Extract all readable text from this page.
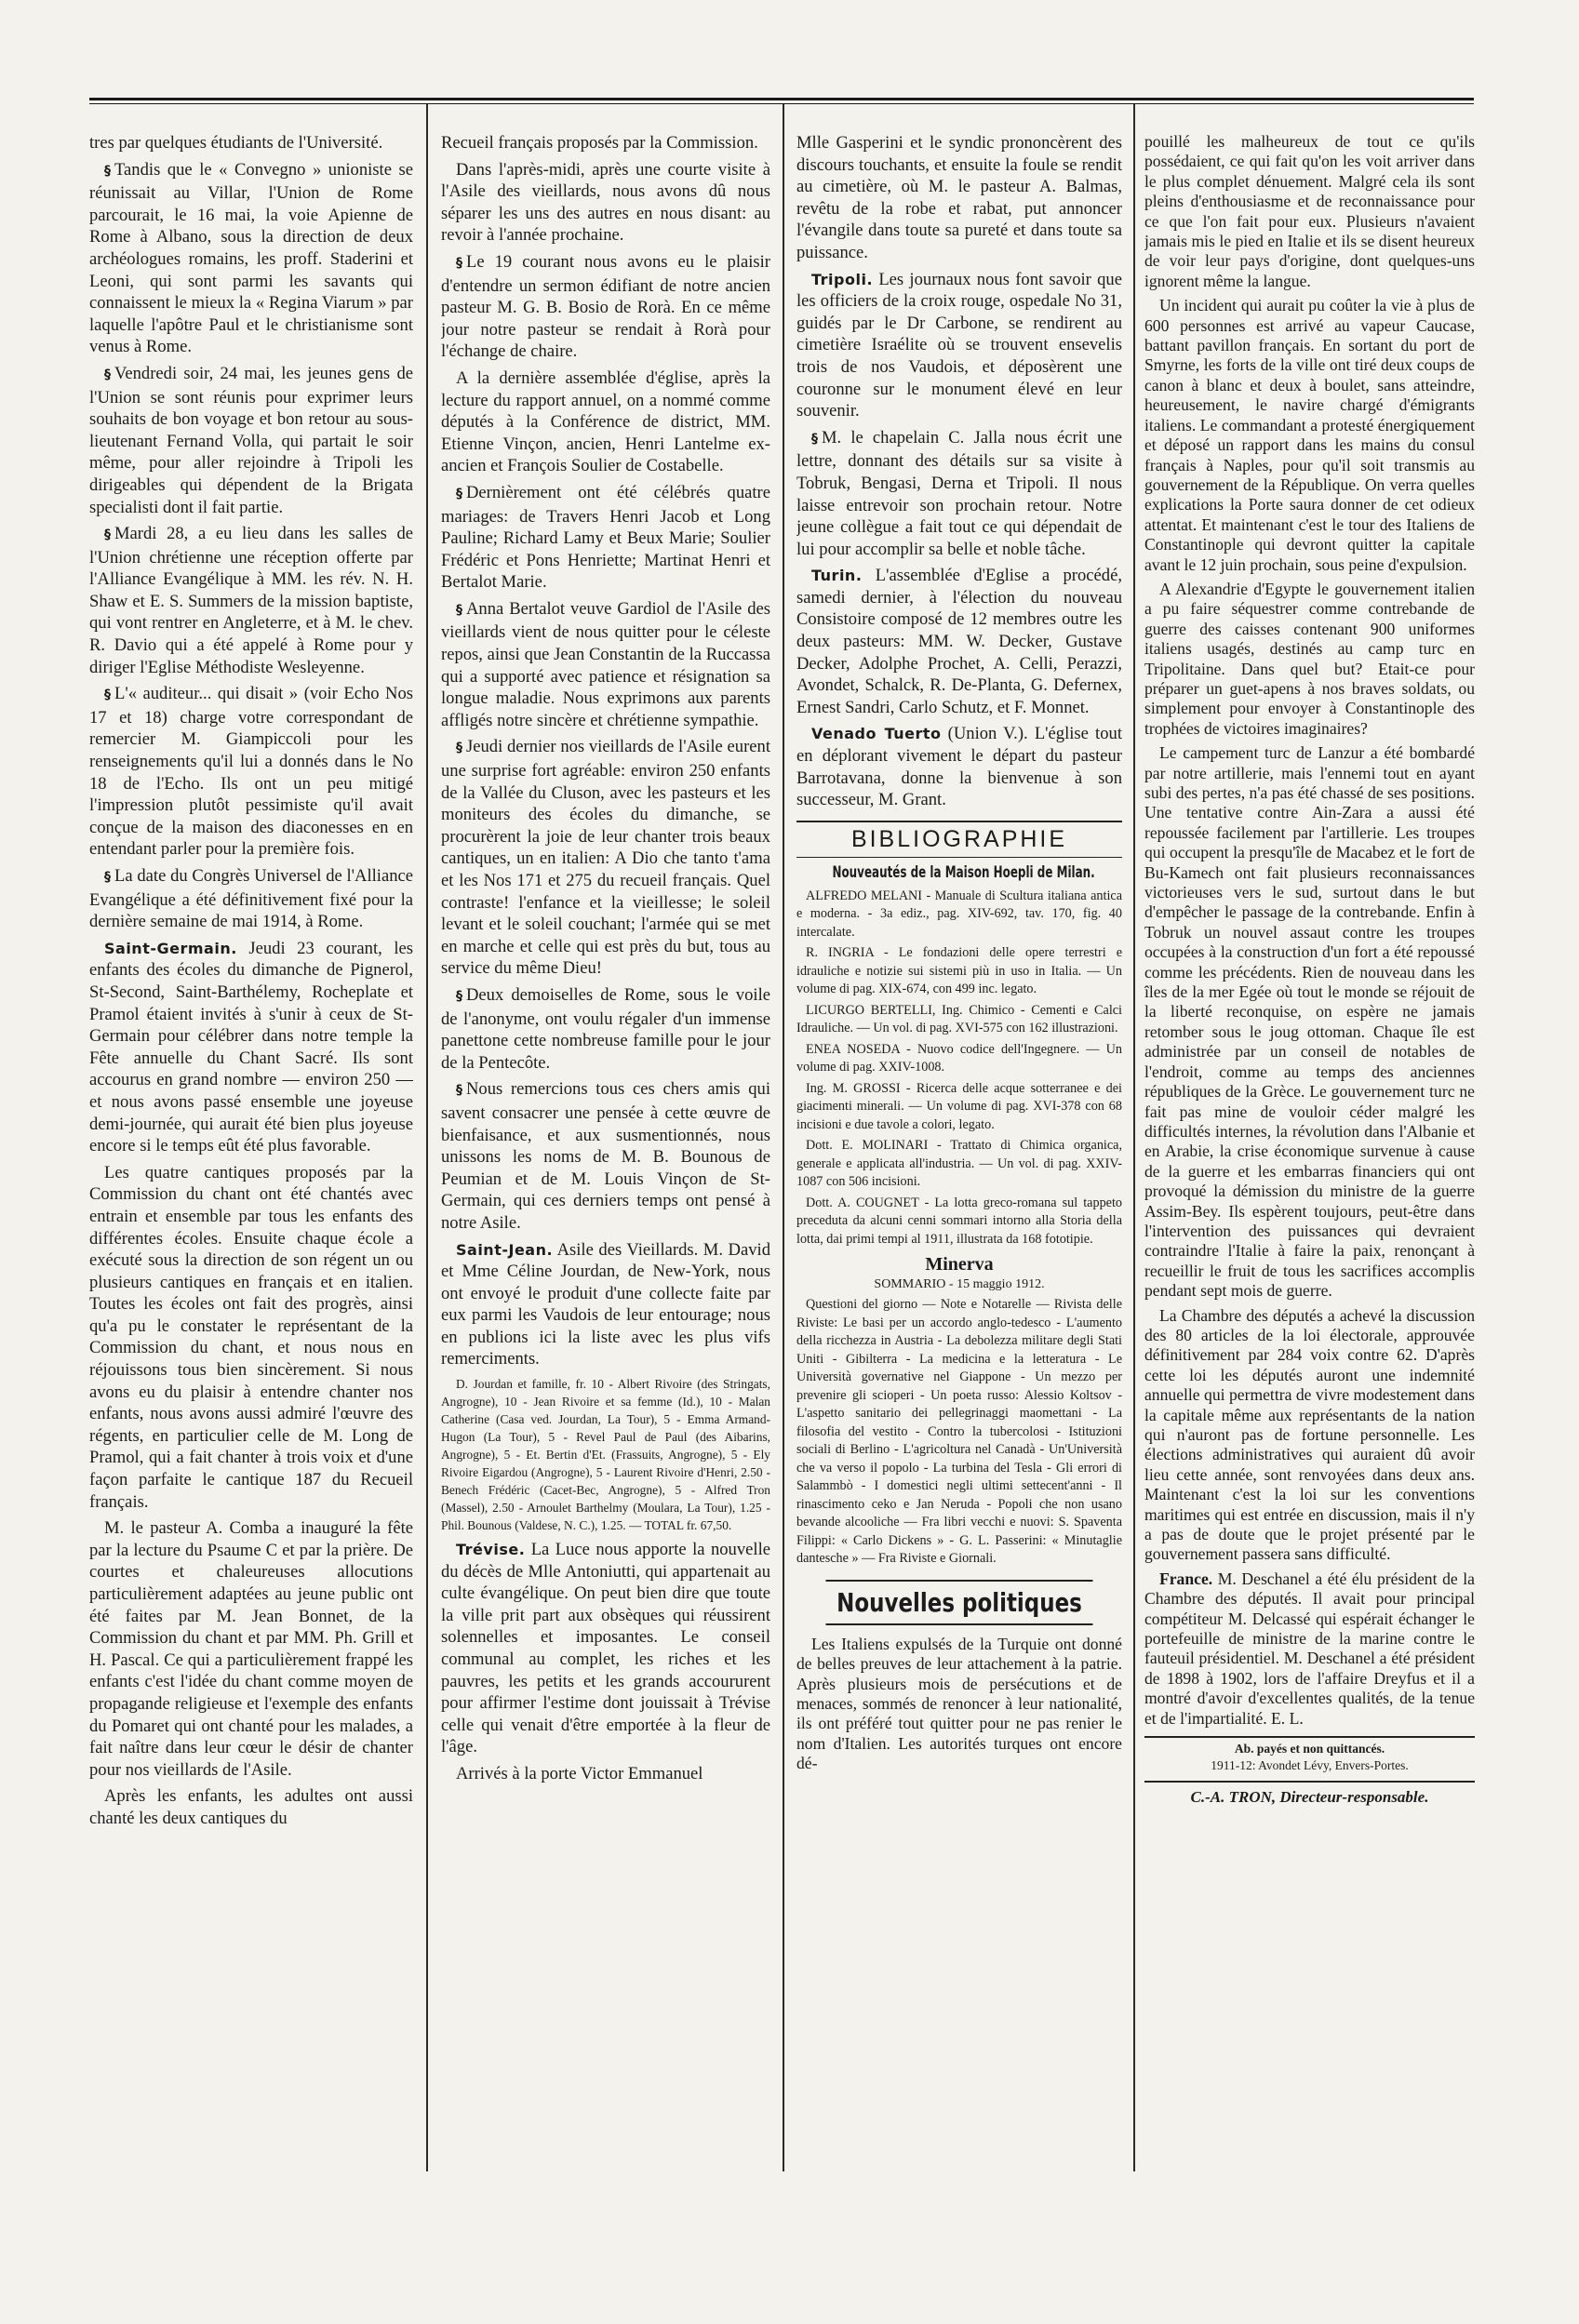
tres par quelques étudiants de l'Université.

§ Tandis que le « Convegno » unioniste se réunissait au Villar, l'Union de Rome parcourait, le 16 mai, la voie Apienne de Rome à Albano, sous la direction de deux archéologues romains, les proff. Staderini et Leoni, qui sont parmi les savants qui connaissent le mieux la « Regina Viarum » par laquelle l'apôtre Paul et le christianisme sont venus à Rome.

§ Vendredi soir, 24 mai, les jeunes gens de l'Union se sont réunis pour exprimer leurs souhaits de bon voyage et bon retour au sous-lieutenant Fernand Volla, qui partait le soir même, pour aller rejoindre à Tripoli les dirigeables qui dépendent de la Brigata specialisti dont il fait partie.

§ Mardi 28, a eu lieu dans les salles de l'Union chrétienne une réception offerte par l'Alliance Evangélique à MM. les rév. N. H. Shaw et E. S. Summers de la mission baptiste, qui vont rentrer en Angleterre, et à M. le chev. R. Davio qui a été appelé à Rome pour y diriger l'Eglise Méthodiste Wesleyenne.

§ L'« auditeur... qui disait » (voir Echo Nos 17 et 18) charge votre correspondant de remercier M. Giampiccoli pour les renseignements qu'il lui a donnés dans le No 18 de l'Echo. Ils ont un peu mitigé l'impression plutôt pessimiste qu'il avait conçue de la maison des diaconesses en en entendant parler pour la première fois.

§ La date du Congrès Universel de l'Alliance Evangélique a été définitivement fixé pour la dernière semaine de mai 1914, à Rome.

Saint-Germain. Jeudi 23 courant, les enfants des écoles du dimanche de Pignerol, St-Second, Saint-Barthélemy, Rocheplate et Pramol étaient invités à s'unir à ceux de St-Germain pour célébrer dans notre temple la Fête annuelle du Chant Sacré. Ils sont accourus en grand nombre — environ 250 — et nous avons passé ensemble une joyeuse demi-journée, qui aurait été bien plus joyeuse encore si le temps eût été plus favorable.

Les quatre cantiques proposés par la Commission du chant ont été chantés avec entrain et ensemble par tous les enfants des différentes écoles. Ensuite chaque école a exécuté sous la direction de son régent un ou plusieurs cantiques en français et en italien. Toutes les écoles ont fait des progrès, ainsi qu'a pu le constater le représentant de la Commission du chant, et nous nous en réjouissons tous bien sincèrement. Si nous avons eu du plaisir à entendre chanter nos enfants, nous avons aussi admiré l'œuvre des régents, en particulier celle de M. Long de Pramol, qui a fait chanter à trois voix et d'une façon parfaite le cantique 187 du Recueil français.

M. le pasteur A. Comba a inauguré la fête par la lecture du Psaume C et par la prière. De courtes et chaleureuses allocutions particulièrement adaptées au jeune public ont été faites par M. Jean Bonnet, de la Commission du chant et par MM. Ph. Grill et H. Pascal. Ce qui a particulièrement frappé les enfants c'est l'idée du chant comme moyen de propagande religieuse et l'exemple des enfants du Pomaret qui ont chanté pour les malades, a fait naître dans leur cœur le désir de chanter pour nos vieillards de l'Asile.

Après les enfants, les adultes ont aussi chanté les deux cantiques du

Recueil français proposés par la Commission.

Dans l'après-midi, après une courte visite à l'Asile des vieillards, nous avons dû nous séparer les uns des autres en nous disant: au revoir à l'année prochaine.

§ Le 19 courant nous avons eu le plaisir d'entendre un sermon édifiant de notre ancien pasteur M. G. B. Bosio de Rorà. En ce même jour notre pasteur se rendait à Rorà pour l'échange de chaire.

A la dernière assemblée d'église, après la lecture du rapport annuel, on a nommé comme députés à la Conférence de district, MM. Etienne Vinçon, ancien, Henri Lantelme ex-ancien et François Soulier de Costabelle.

§ Dernièrement ont été célébrés quatre mariages: de Travers Henri Jacob et Long Pauline; Richard Lamy et Beux Marie; Soulier Frédéric et Pons Henriette; Martinat Henri et Bertalot Marie.

§ Anna Bertalot veuve Gardiol de l'Asile des vieillards vient de nous quitter pour le céleste repos, ainsi que Jean Constantin de la Ruccassa qui a supporté avec patience et résignation sa longue maladie. Nous exprimons aux parents affligés notre sincère et chrétienne sympathie.

§ Jeudi dernier nos vieillards de l'Asile eurent une surprise fort agréable: environ 250 enfants de la Vallée du Cluson, avec les pasteurs et les moniteurs des écoles du dimanche, se procurèrent la joie de leur chanter trois beaux cantiques, un en italien: A Dio che tanto t'ama et les Nos 171 et 275 du recueil français. Quel contraste! l'enfance et la vieillesse; le soleil levant et le soleil couchant; l'armée qui se met en marche et celle qui est près du but, tous au service du même Dieu!

§ Deux demoiselles de Rome, sous le voile de l'anonyme, ont voulu régaler d'un immense panettone cette nombreuse famille pour le jour de la Pentecôte.

§ Nous remercions tous ces chers amis qui savent consacrer une pensée à cette œuvre de bienfaisance, et aux susmentionnés, nous unissons les noms de M. B. Bounous de Peumian et de M. Louis Vinçon de St-Germain, qui ces derniers temps ont pensé à notre Asile.

Saint-Jean. Asile des Vieillards. M. David et Mme Céline Jourdan, de New-York, nous ont envoyé le produit d'une collecte faite par eux parmi les Vaudois de leur entourage; nous en publions ici la liste avec les plus vifs remerciments.

D. Jourdan et famille, fr. 10 - Albert Rivoire (des Stringats, Angrogne), 10 - Jean Rivoire et sa femme (Id.), 10 - Malan Catherine (Casa ved. Jourdan, La Tour), 5 - Emma Armand-Hugon (La Tour), 5 - Revel Paul de Paul (des Aibarins, Angrogne), 5 - Et. Bertin d'Et. (Frassuits, Angrogne), 5 - Ely Rivoire Eigardou (Angrogne), 5 - Laurent Rivoire d'Henri, 2.50 - Benech Frédéric (Cacet-Bec, Angrogne), 5 - Alfred Tron (Massel), 2.50 - Arnoulet Barthelmy (Moulara, La Tour), 1.25 - Phil. Bounous (Valdese, N. C.), 1.25. — TOTAL fr. 67,50.

Trévise. La Luce nous apporte la nouvelle du décès de Mlle Antoniutti, qui appartenait au culte évangélique. On peut bien dire que toute la ville prit part aux obsèques qui réussirent solennelles et imposantes. Le conseil communal au complet, les riches et les pauvres, les petits et les grands accoururent pour affirmer l'estime dont jouissait à Trévise celle qui venait d'être emportée à la fleur de l'âge.

Arrivés à la porte Victor Emmanuel

Mlle Gasperini et le syndic prononcèrent des discours touchants, et ensuite la foule se rendit au cimetière, où M. le pasteur A. Balmas, revêtu de la robe et rabat, put annoncer l'évangile dans toute sa pureté et dans toute sa puissance.

Tripoli. Les journaux nous font savoir que les officiers de la croix rouge, ospedale No 31, guidés par le Dr Carbone, se rendirent au cimetière Israélite où se trouvent ensevelis trois de nos Vaudois, et déposèrent une couronne sur le monument élevé en leur souvenir.

§ M. le chapelain C. Jalla nous écrit une lettre, donnant des détails sur sa visite à Tobruk, Bengasi, Derna et Tripoli. Il nous laisse entrevoir son prochain retour. Notre jeune collègue a fait tout ce qui dépendait de lui pour accomplir sa belle et noble tâche.

Turin. L'assemblée d'Eglise a procédé, samedi dernier, à l'élection du nouveau Consistoire composé de 12 membres outre les deux pasteurs: MM. W. Decker, Gustave Decker, Adolphe Prochet, A. Celli, Perazzi, Avondet, Schalck, R. De-Planta, G. Defernex, Ernest Sandri, Carlo Schutz, et F. Monnet.

Venado Tuerto (Union V.). L'église tout en déplorant vivement le départ du pasteur Barrotavana, donne la bienvenue à son successeur, M. Grant.

BIBLIOGRAPHIE
Nouveautés de la Maison Hoepli de Milan.

ALFREDO MELANI - Manuale di Scultura italiana antica e moderna. - 3a ediz., pag. XIV-692, tav. 170, fig. 40 intercalate.

R. INGRIA - Le fondazioni delle opere terrestri e idrauliche e notizie sui sistemi più in uso in Italia. — Un volume di pag. XIX-674, con 499 inc. legato.

LICURGO BERTELLI, Ing. Chimico - Cementi e Calci Idrauliche. — Un vol. di pag. XVI-575 con 162 illustrazioni.

ENEA NOSEDA - Nuovo codice dell'Ingegnere. — Un volume di pag. XXIV-1008.

Ing. M. GROSSI - Ricerca delle acque sotterranee e dei giacimenti minerali. — Un volume di pag. XVI-378 con 68 incisioni e due tavole a colori, legato.

Dott. E. MOLINARI - Trattato di Chimica organica, generale e applicata all'industria. — Un vol. di pag. XXIV-1087 con 506 incisioni.

Dott. A. COUGNET - La lotta greco-romana sul tappeto preceduta da alcuni cenni sommari intorno alla Storia della lotta, dai primi tempi al 1911, illustrata da 168 fototipie.

Minerva
SOMMARIO - 15 maggio 1912.

Questioni del giorno — Note e Notarelle — Rivista delle Riviste: Le basi per un accordo anglo-tedesco - L'aumento della ricchezza in Austria - La debolezza militare degli Stati Uniti - Gibilterra - La medicina e la letteratura - Le Università governative nel Giappone - Un mezzo per prevenire gli scioperi - Un poeta russo: Alessio Koltsov - L'aspetto sanitario dei pellegrinaggi maomettani - La filosofia del vestito - Contro la tubercolosi - Istituzioni sociali di Berlino - L'agricoltura nel Canadà - Un'Università che va verso il popolo - La turbina del Tesla - Gli errori di Salammbò - I domestici negli ultimi settecent'anni - Il rinascimento ceko e Jan Neruda - Popoli che non usano bevande alcooliche — Fra libri vecchi e nuovi: S. Spaventa Filippi: « Carlo Dickens » - G. L. Passerini: « Minutaglie dantesche » — Fra Riviste e Giornali.

Nouvelles politiques

Les Italiens expulsés de la Turquie ont donné de belles preuves de leur attachement à la patrie. Après plusieurs mois de persécutions et de menaces, sommés de renoncer à leur nationalité, ils ont préféré tout quitter pour ne pas renier le nom d'Italien. Les autorités turques ont encore dé-

pouillé les malheureux de tout ce qu'ils possédaient, ce qui fait qu'on les voit arriver dans le plus complet dénuement. Malgré cela ils sont pleins d'enthousiasme et de reconnaissance pour ce que l'on fait pour eux. Plusieurs n'avaient jamais mis le pied en Italie et ils se disent heureux de voir leur pays d'origine, dont quelques-uns ignorent même la langue.

Un incident qui aurait pu coûter la vie à plus de 600 personnes est arrivé au vapeur Caucase, battant pavillon français. En sortant du port de Smyrne, les forts de la ville ont tiré deux coups de canon à blanc et deux à boulet, sans atteindre, heureusement, le navire chargé d'émigrants italiens. Le commandant a protesté énergiquement et déposé un rapport dans les mains du consul français à Naples, pour qu'il soit transmis au gouvernement de la République. On verra quelles explications la Porte saura donner de cet odieux attentat. Et maintenant c'est le tour des Italiens de Constantinople qui devront quitter la capitale avant le 12 juin prochain, sous peine d'expulsion.

A Alexandrie d'Egypte le gouvernement italien a pu faire séquestrer comme contrebande de guerre des caisses contenant 900 uniformes italiens usagés, destinés au camp turc en Tripolitaine. Dans quel but? Etait-ce pour préparer un guet-apens à nos braves soldats, ou simplement pour envoyer à Constantinople des trophées de victoires imaginaires?

Le campement turc de Lanzur a été bombardé par notre artillerie, mais l'ennemi tout en ayant subi des pertes, n'a pas été chassé de ses positions. Une tentative contre Ain-Zara a aussi été repoussée facilement par l'artillerie. Les troupes qui occupent la presqu'île de Macabez et le fort de Bu-Kamech ont fait plusieurs reconnaissances victorieuses vers le sud, surtout dans le but d'empêcher le passage de la contrebande. Enfin à Tobruk un nouvel assaut contre les troupes occupées à la construction d'un fort a été repoussé comme les précédents. Rien de nouveau dans les îles de la mer Egée où tout le monde se réjouit de la liberté reconquise, on espère ne jamais retomber sous le joug ottoman. Chaque île est administrée par un conseil de notables de l'endroit, comme au temps des anciennes républiques de la Grèce. Le gouvernement turc ne fait pas mine de vouloir céder malgré les difficultés internes, la révolution dans l'Albanie et en Arabie, la crise économique survenue à cause de la guerre et les embarras financiers qui ont provoqué la démission du ministre de la guerre Assim-Bey. Ils espèrent toujours, peut-être dans l'intervention des puissances qui devraient contraindre l'Italie à faire la paix, renonçant à recueillir le fruit de tous les sacrifices accomplis pendant sept mois de guerre.

La Chambre des députés a achevé la discussion des 80 articles de la loi électorale, approuvée définitivement par 284 voix contre 62. D'après cette loi les députés auront une indemnité annuelle qui permettra de vivre modestement dans la capitale même aux représentants de la nation qui n'auront pas de fortune personnelle. Les élections administratives qui auraient dû avoir lieu cette année, sont renvoyées dans deux ans. Maintenant c'est la loi sur les conventions maritimes qui est entrée en discussion, mais il n'y a pas de doute que le projet présenté par le gouvernement passera sans difficulté.

France. M. Deschanel a été élu président de la Chambre des députés. Il avait pour principal compétiteur M. Delcassé qui espérait échanger le portefeuille de ministre de la marine contre le fauteuil présidentiel. M. Deschanel a été président de 1898 à 1902, lors de l'affaire Dreyfus et il a montré d'avoir d'excellentes qualités, de la tenue et de l'impartialité. E. L.

Ab. payés et non quittancés.
1911-12: Avondet Lévy, Envers-Portes.
C.-A. TRON, Directeur-responsable.
